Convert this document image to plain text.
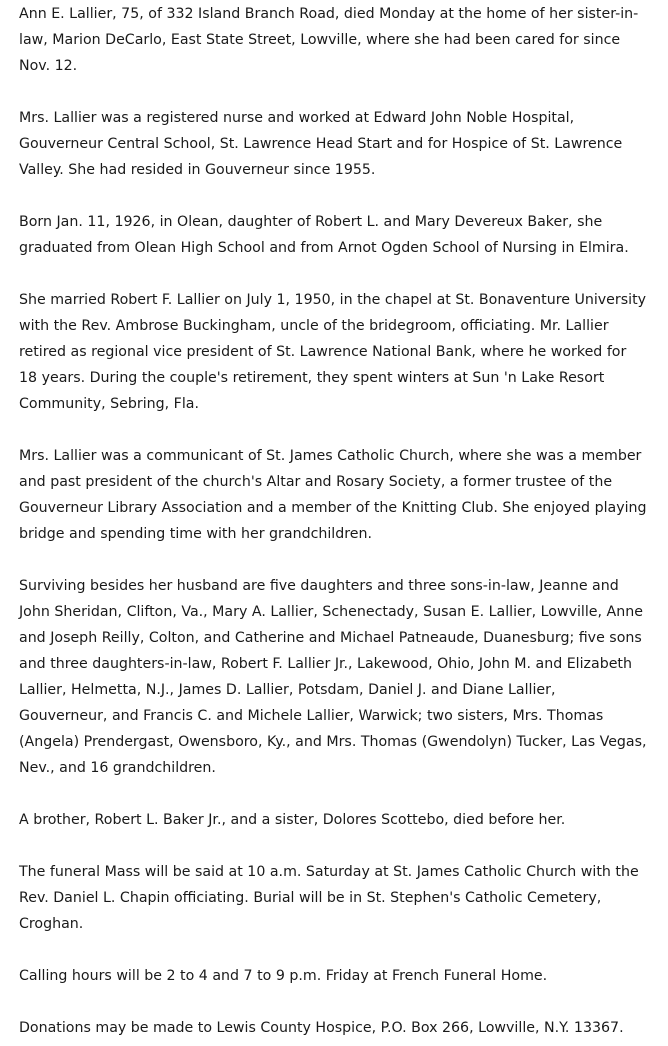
Ann E. Lallier, 75, of 332 Island Branch Road, died Monday at the home of her sister-in-law, Marion DeCarlo, East State Street, Lowville, where she had been cared for since Nov. 12.

Mrs. Lallier was a registered nurse and worked at Edward John Noble Hospital, Gouverneur Central School, St. Lawrence Head Start and for Hospice of St. Lawrence Valley. She had resided in Gouverneur since 1955.

Born Jan. 11, 1926, in Olean, daughter of Robert L. and Mary Devereux Baker, she graduated from Olean High School and from Arnot Ogden School of Nursing in Elmira.

She married Robert F. Lallier on July 1, 1950, in the chapel at St. Bonaventure University with the Rev. Ambrose Buckingham, uncle of the bridegroom, officiating. Mr. Lallier retired as regional vice president of St. Lawrence National Bank, where he worked for 18 years. During the couple's retirement, they spent winters at Sun 'n Lake Resort Community, Sebring, Fla.

Mrs. Lallier was a communicant of St. James Catholic Church, where she was a member and past president of the church's Altar and Rosary Society, a former trustee of the Gouverneur Library Association and a member of the Knitting Club. She enjoyed playing bridge and spending time with her grandchildren.

Surviving besides her husband are five daughters and three sons-in-law, Jeanne and John Sheridan, Clifton, Va., Mary A. Lallier, Schenectady, Susan E. Lallier, Lowville, Anne and Joseph Reilly, Colton, and Catherine and Michael Patneaude, Duanesburg; five sons and three daughters-in-law, Robert F. Lallier Jr., Lakewood, Ohio, John M. and Elizabeth Lallier, Helmetta, N.J., James D. Lallier, Potsdam, Daniel J. and Diane Lallier, Gouverneur, and Francis C. and Michele Lallier, Warwick; two sisters, Mrs. Thomas (Angela) Prendergast, Owensboro, Ky., and Mrs. Thomas (Gwendolyn) Tucker, Las Vegas, Nev., and 16 grandchildren.

A brother, Robert L. Baker Jr., and a sister, Dolores Scottebo, died before her.

The funeral Mass will be said at 10 a.m. Saturday at St. James Catholic Church with the Rev. Daniel L. Chapin officiating. Burial will be in St. Stephen's Catholic Cemetery, Croghan.

Calling hours will be 2 to 4 and 7 to 9 p.m. Friday at French Funeral Home.

Donations may be made to Lewis County Hospice, P.O. Box 266, Lowville, N.Y. 13367.
